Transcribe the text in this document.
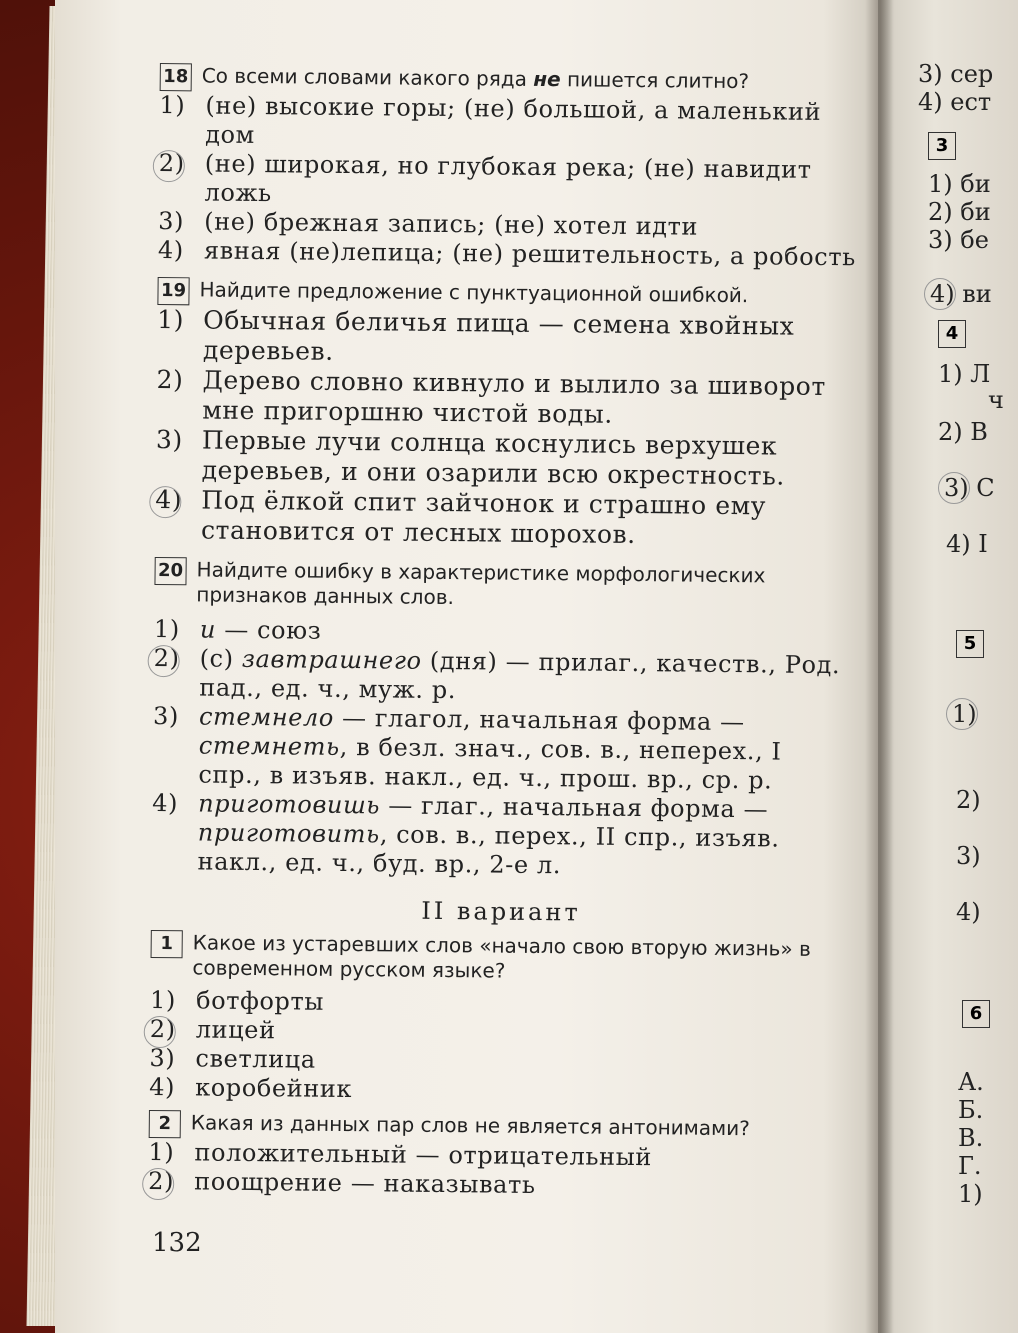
18 Со всеми словами какого ряда не пишется слитно?
1) (не) высокие горы; (не) большой, а маленький дом
2) (не) широкая, но глубокая река; (не) навидит ложь
3) (не) брежная запись; (не) хотел идти
4) явная (не)лепица; (не) решительность, а робость
19 Найдите предложение с пунктуационной ошибкой.
1) Обычная беличья пища — семена хвойных деревьев.
2) Дерево словно кивнуло и вылило за шиворот мне пригоршню чистой воды.
3) Первые лучи солнца коснулись верхушек деревьев, и они озарили всю окрестность.
4) Под ёлкой спит зайчонок и страшно ему становится от лесных шорохов.
20 Найдите ошибку в характеристике морфологических признаков данных слов.
1) и — союз
2) (с) завтрашнего (дня) — прилаг., качеств., Род. пад., ед. ч., муж. р.
3) стемнело — глагол, начальная форма — стемнеть, в безл. знач., сов. в., неперех., I спр., в изъяв. накл., ед. ч., прош. вр., ср. р.
4) приготовишь — глаг., начальная форма — приготовить, сов. в., перех., II спр., изъяв. накл., ед. ч., буд. вр., 2-е л.
II вариант
1 Какое из устаревших слов «начало свою вторую жизнь» в современном русском языке?
1) ботфорты
2) лицей
3) светлица
4) коробейник
2 Какая из данных пар слов не является антонимами?
1) положительный — отрицательный
2) поощрение — наказывать
132
3) сер
4) ест
3
1) би
2) би
3) бе
4) ви
4
1) Л
ч
2) В
3) С
4) I
5
1)
2)
3)
4)
6
А.
Б.
В.
Г.
1)
